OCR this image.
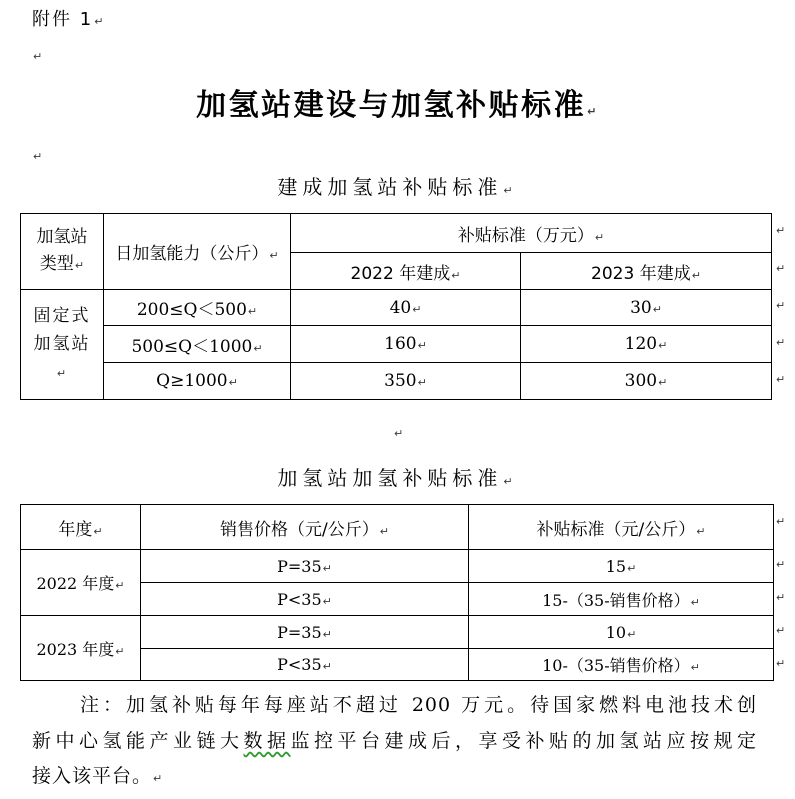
附件 1↵
↵
加氢站建设与加氢补贴标准↵
↵
建成加氢站补贴标准↵
加氢站类型↵	日加氢能力（公斤）↵	补贴标准（万元）↵	
		2022 年建成↵	2023 年建成↵
固定式加氢站↵	200≤Q＜500↵	40↵	30↵
	500≤Q＜1000↵	160↵	120↵
	Q≥1000↵	350↵	300↵
↵
↵
↵
↵
↵
↵
加氢站加氢补贴标准↵
年度↵	销售价格（元/公斤）↵	补贴标准（元/公斤）↵
2022 年度↵	P=35↵	15↵
	P<35↵	15-（35-销售价格）↵
2023 年度↵	P=35↵	10↵
	P<35↵	10-（35-销售价格）↵
↵
↵
↵
↵
↵
注：加氢补贴每年每座站不超过 200 万元。待国家燃料电池技术创
新中心氢能产业链大数据监控平台建成后，享受补贴的加氢站应按规定
接入该平台。↵
